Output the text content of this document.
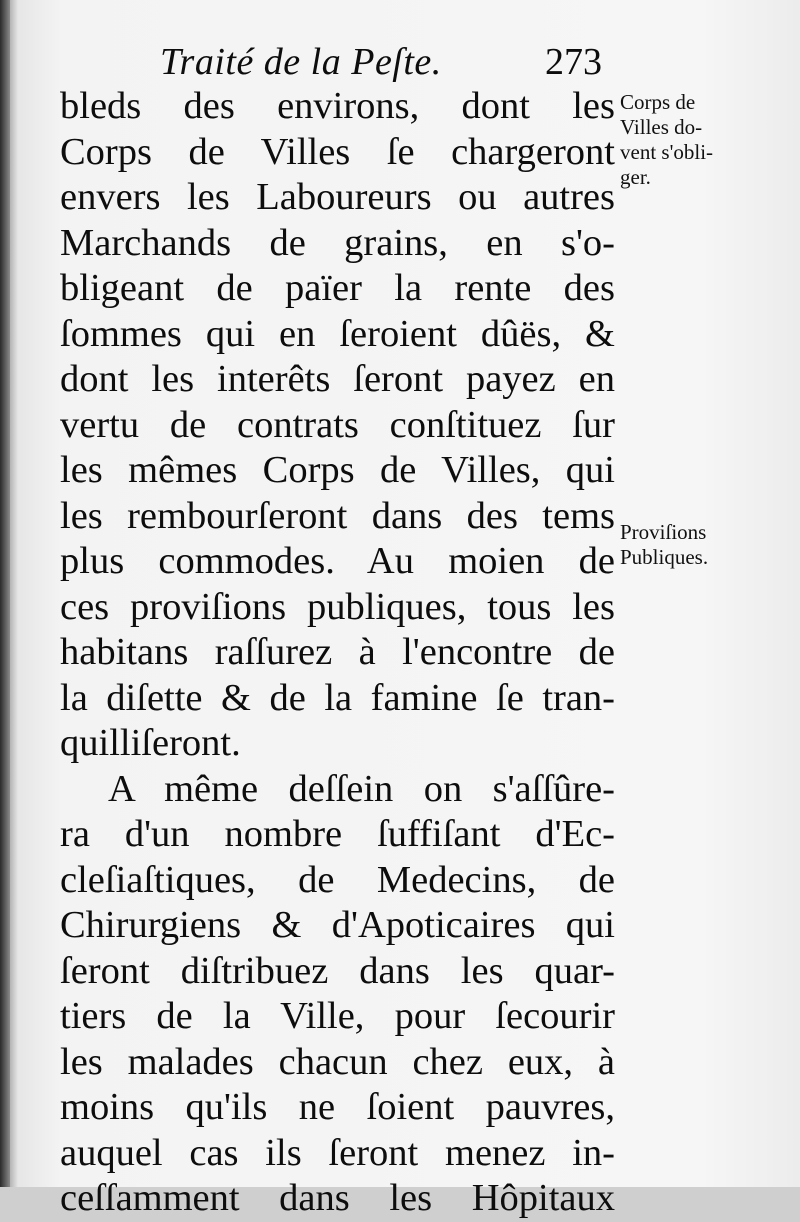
Traité de la Peſte.	273
bleds des environs, dont les
Corps de Villes ſe chargeront
envers les Laboureurs ou autres
Marchands de grains, en s'o-
bligeant de païer la rente des
ſommes qui en ſeroient dûës, &
dont les interêts ſeront payez en
vertu de contrats conſtituez ſur
les mêmes Corps de Villes, qui
les rembourſeront dans des tems
plus commodes. Au moien de
ces proviſions publiques, tous les
habitans raſſurez à l'encontre de
la diſette & de la famine ſe tran-
quilliſeront.
A même deſſein on s'aſſûre-
ra d'un nombre ſuffiſant d'Ec-
cleſiaſtiques, de Medecins, de
Chirurgiens & d'Apoticaires qui
ſeront diſtribuez dans les quar-
tiers de la Ville, pour ſecourir
les malades chacun chez eux, à
moins qu'ils ne ſoient pauvres,
auquel cas ils ſeront menez in-
ceſſamment dans les Hôpitaux
Corps de
Villes do-
vent s'obli-
ger.
Proviſions
Publiques.
